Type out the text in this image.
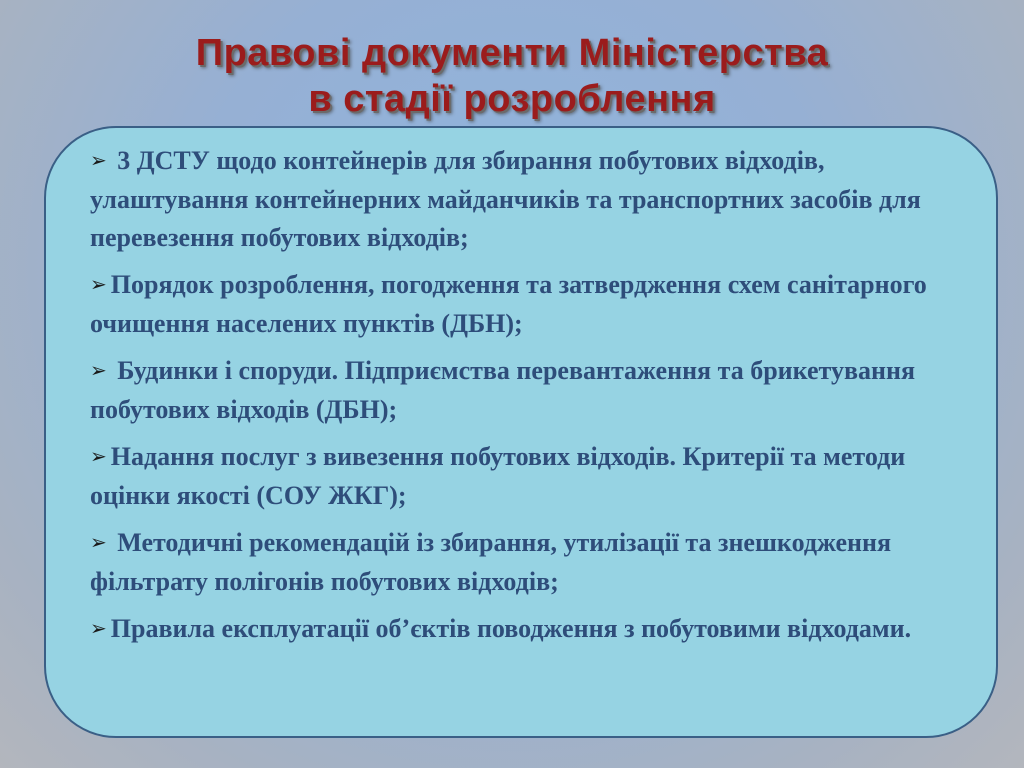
Правові документи Міністерства
в стадії розроблення
➢ 3 ДСТУ щодо контейнерів для збирання побутових відходів, улаштування контейнерних майданчиків та транспортних засобів для перевезення побутових відходів;
➢ Порядок розроблення, погодження та затвердження схем санітарного очищення населених пунктів (ДБН);
➢ Будинки і споруди. Підприємства перевантаження та брикетування побутових відходів (ДБН);
➢ Надання послуг з вивезення побутових відходів. Критерії та методи оцінки якості (СОУ ЖКГ);
➢ Методичні рекомендацій із збирання, утилізації та знешкодження фільтрату полігонів побутових відходів;
➢ Правила експлуатації об’єктів поводження з побутовими відходами.
